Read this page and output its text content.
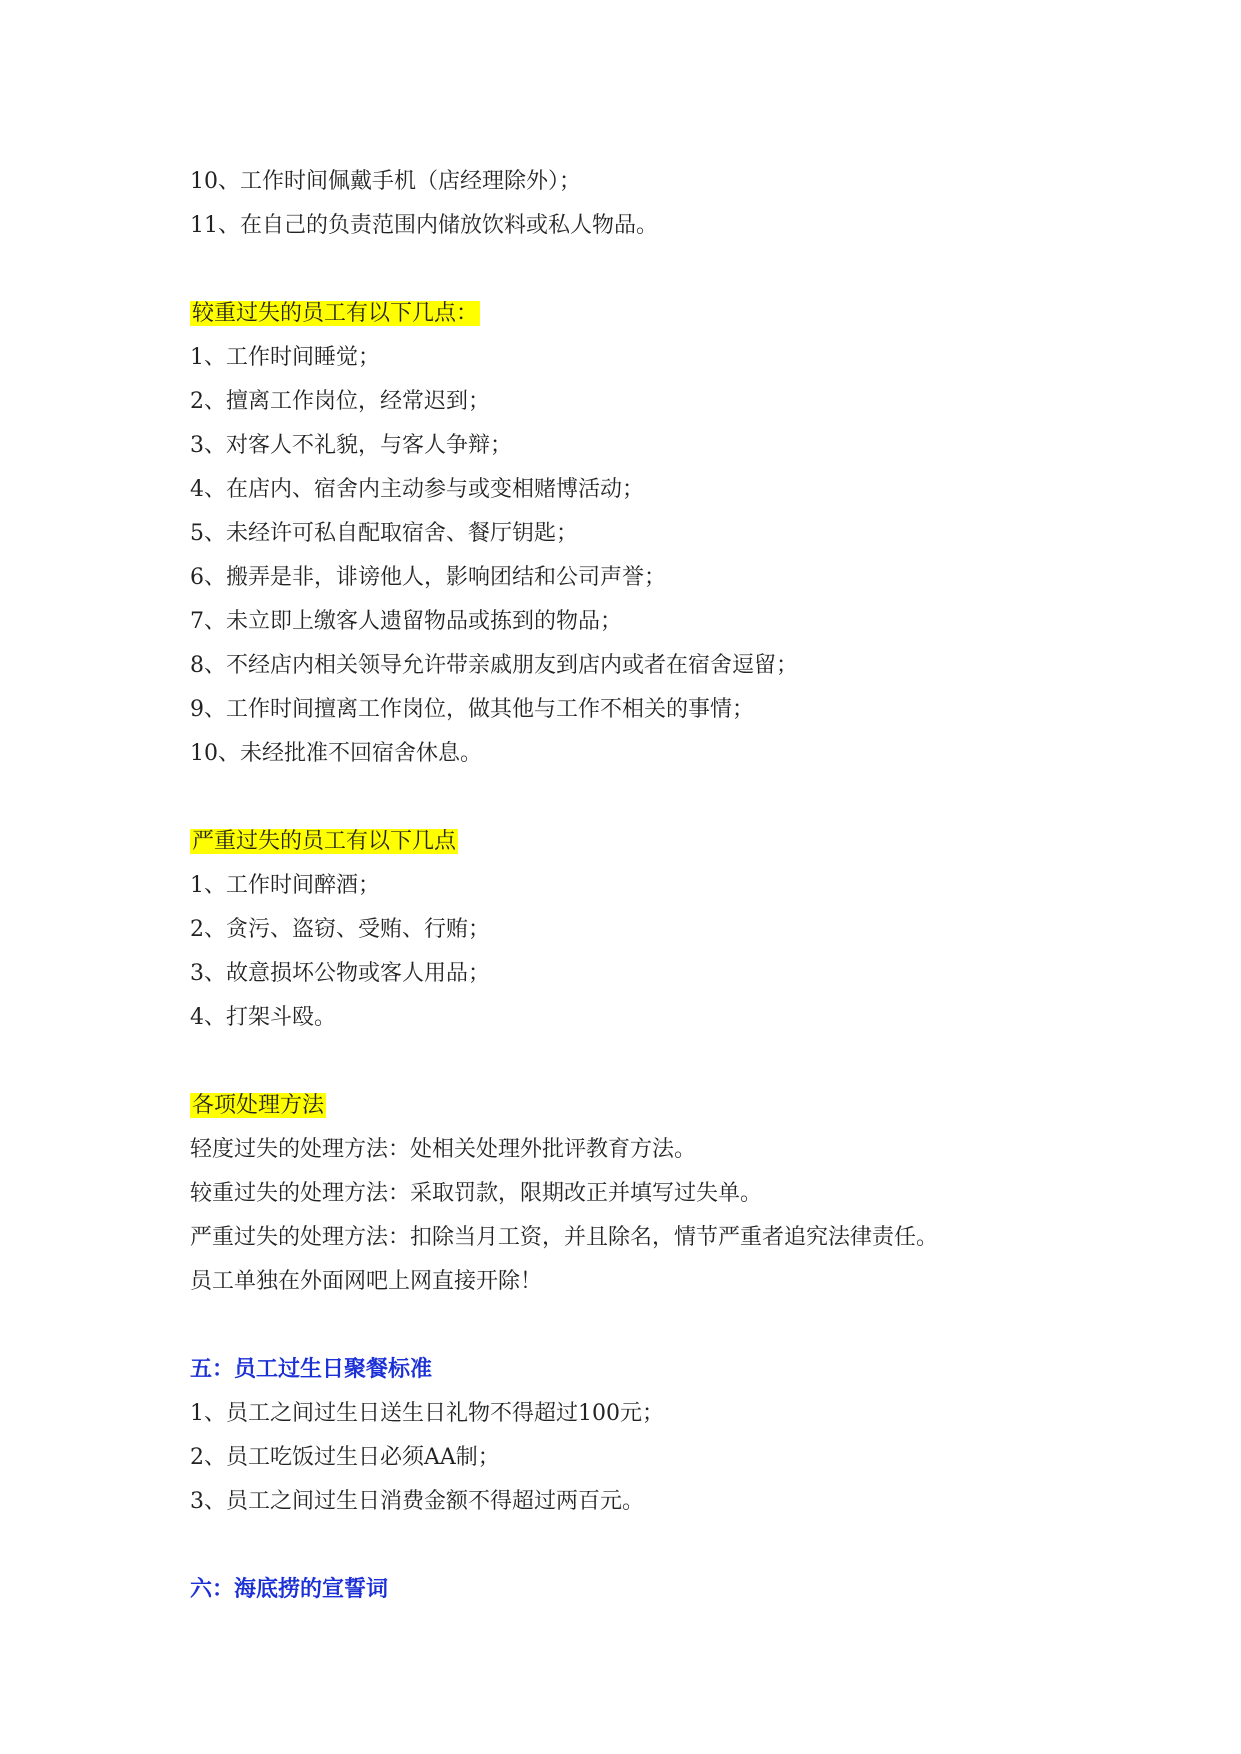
10、工作时间佩戴手机（店经理除外）；
11、在自己的负责范围内储放饮料或私人物品。
较重过失的员工有以下几点：
1、工作时间睡觉；
2、擅离工作岗位，经常迟到；
3、对客人不礼貌，与客人争辩；
4、在店内、宿舍内主动参与或变相赌博活动；
5、未经许可私自配取宿舍、餐厅钥匙；
6、搬弄是非，诽谤他人，影响团结和公司声誉；
7、未立即上缴客人遗留物品或拣到的物品；
8、不经店内相关领导允许带亲戚朋友到店内或者在宿舍逗留；
9、工作时间擅离工作岗位，做其他与工作不相关的事情；
10、未经批准不回宿舍休息。
严重过失的员工有以下几点
1、工作时间醉酒；
2、贪污、盗窃、受贿、行贿；
3、故意损坏公物或客人用品；
4、打架斗殴。
各项处理方法
轻度过失的处理方法：处相关处理外批评教育方法。
较重过失的处理方法：采取罚款，限期改正并填写过失单。
严重过失的处理方法：扣除当月工资，并且除名，情节严重者追究法律责任。
员工单独在外面网吧上网直接开除！
五：员工过生日聚餐标准
1、员工之间过生日送生日礼物不得超过100元；
2、员工吃饭过生日必须AA制；
3、员工之间过生日消费金额不得超过两百元。
六：海底捞的宣誓词
